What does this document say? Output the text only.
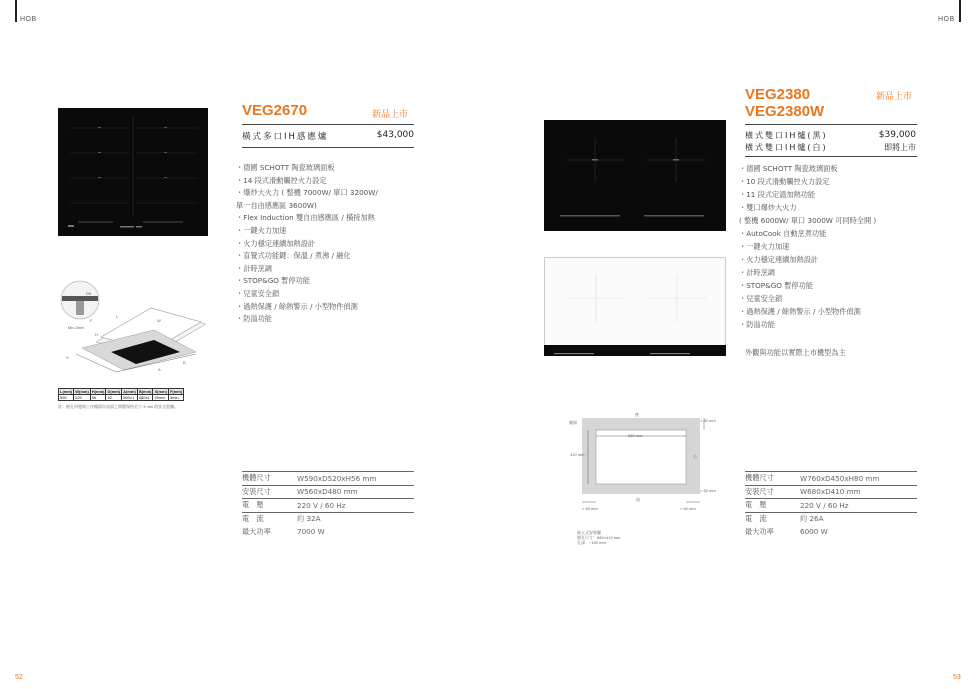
HOB	HOB
R5
Min.3mm
L
W
H
F
A
B
X
L(mm)	W(mm)	H(mm)	D(mm)	A(mm)	B(mm)	X(mm)	F(mm)
590	520	56	52	560±1	480±1	50min.	3min.
註：嵌孔四邊與工作檯面內表面之間應保持至少 3 mm 的安全距離。
VEG2670	新品上市
橫式多口IH感應爐	$43,000
・德國 SCHOTT 陶瓷玻璃面板
・14 段式滑動觸控火力設定
・爆炒大火力 ( 整機 7000W/ 單口 3200W/
單一自由感應區 3600W)
・Flex Induction 雙自由感應區 / 橫接加熱
・一鍵火力加速
・火力穩定連續加熱設計
・直覺式功能鍵：保溫 / 煮沸 / 融化
・計時烹調
・STOP&GO 暫停功能
・兒童安全鎖
・過熱保護 / 餘熱警示 / 小型物件偵測
・防溢功能
機體尺寸	W590xD520xH56 mm
安裝尺寸	W560xD480 mm
電　壓	220 V / 60 Hz
電　流	約 32A
最大功率	7000 W
52
後
牆面
680 mm
410 mm
前
右
> 50 mm	> 50 mm
> 50 mm
> 50 mm
嵌入式安裝圖
開孔尺寸：680×410 mm
孔深：~150 mm
VEG2380
VEG2380W
新品上市
橫式雙口IH爐(黑)	$39,000
橫式雙口IH爐(白)	即將上市
・德國 SCHOTT 陶瓷玻璃面板
・10 段式滑動觸控火力設定
・11 段式定溫加熱功能
・雙口爆炒大火力
( 整機 6000W/ 單口 3000W 可同時全開 )
・AutoCook 自動烹煮功能
・一鍵火力加速
・火力穩定連續加熱設計
・計時烹調
・STOP&GO 暫停功能
・兒童安全鎖
・過熱保護 / 餘熱警示 / 小型物件偵測
・防溢功能
外觀與功能以實際上市機型為主
機體尺寸	W760xD450xH80 mm
安裝尺寸	W680xD410 mm
電　壓	220 V / 60 Hz
電　流	約 26A
最大功率	6000 W
53
